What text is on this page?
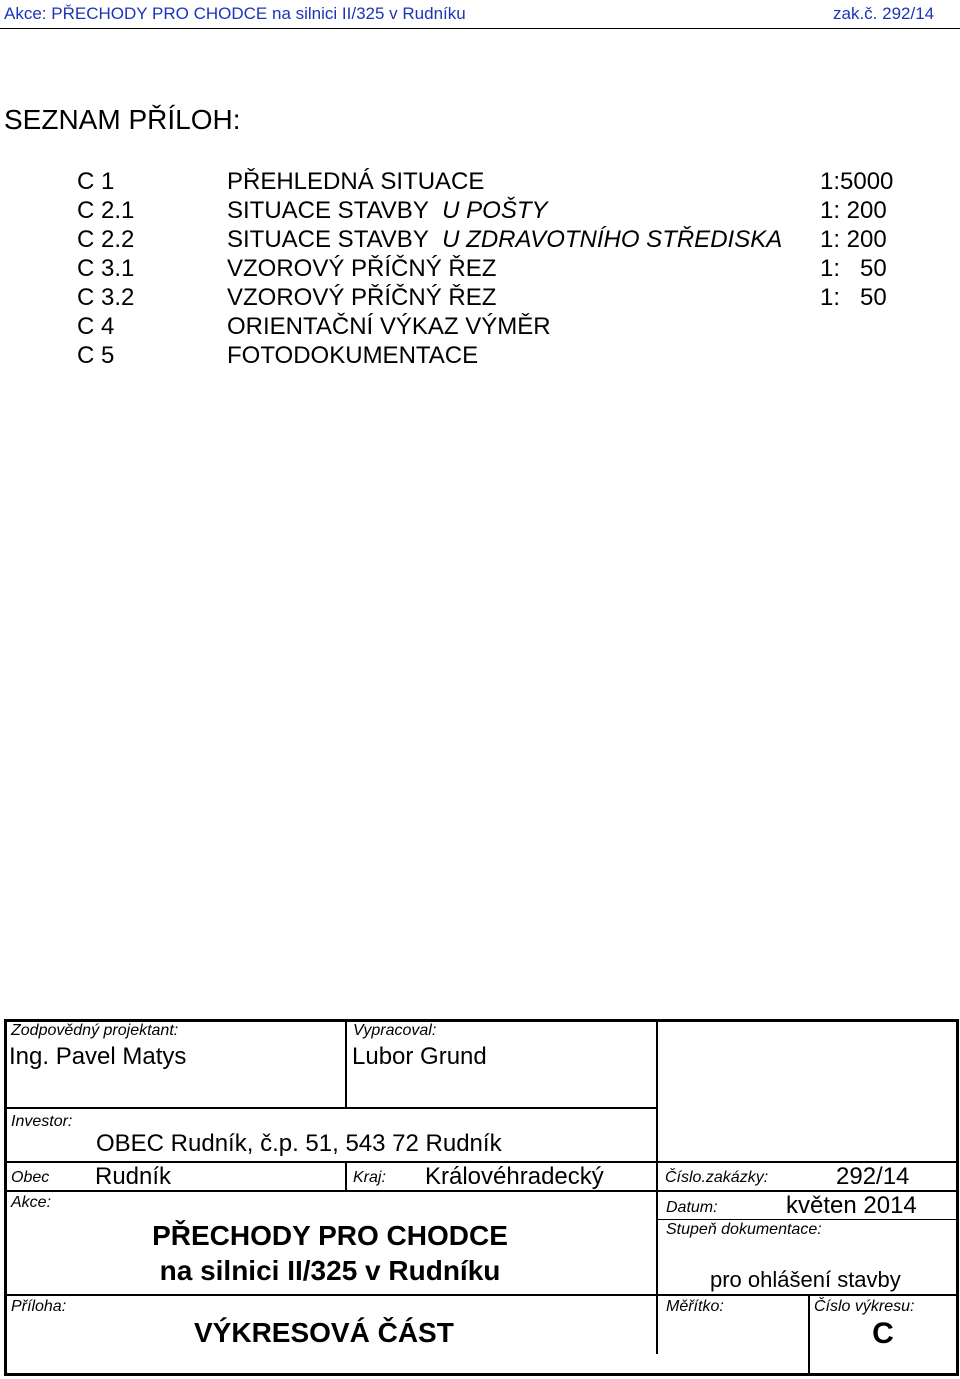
Akce: PŘECHODY PRO CHODCE na silnici II/325 v Rudníku	zak.č. 292/14
SEZNAM PŘÍLOH:
C 1	PŘEHLEDNÁ SITUACE	1:5000
C 2.1	SITUACE STAVBY U POŠTY	1: 200
C 2.2	SITUACE STAVBY U ZDRAVOTNÍHO STŘEDISKA 1: 200
C 3.1	VZOROVÝ PŘÍČNÝ ŘEZ	1:   50
C 3.2	VZOROVÝ PŘÍČNÝ ŘEZ	1:   50
C 4	ORIENTAČNÍ VÝKAZ VÝMĚR
C 5	FOTODOKUMENTACE
Zodpovědný projektant:
Ing. Pavel Matys
Vypracoval:
Lubor Grund
Investor:
OBEC Rudník, č.p. 51, 543 72 Rudník
Obec Rudník	Kraj: Královéhradecký	Číslo.zakázky:	292/14
Akce:
PŘECHODY PRO CHODCE
na silnici II/325 v Rudníku
Datum:	květen 2014
Stupeň dokumentace:
pro ohlášení stavby
Příloha:
VÝKRESOVÁ ČÁST
Měřítko:	Číslo výkresu:
C
